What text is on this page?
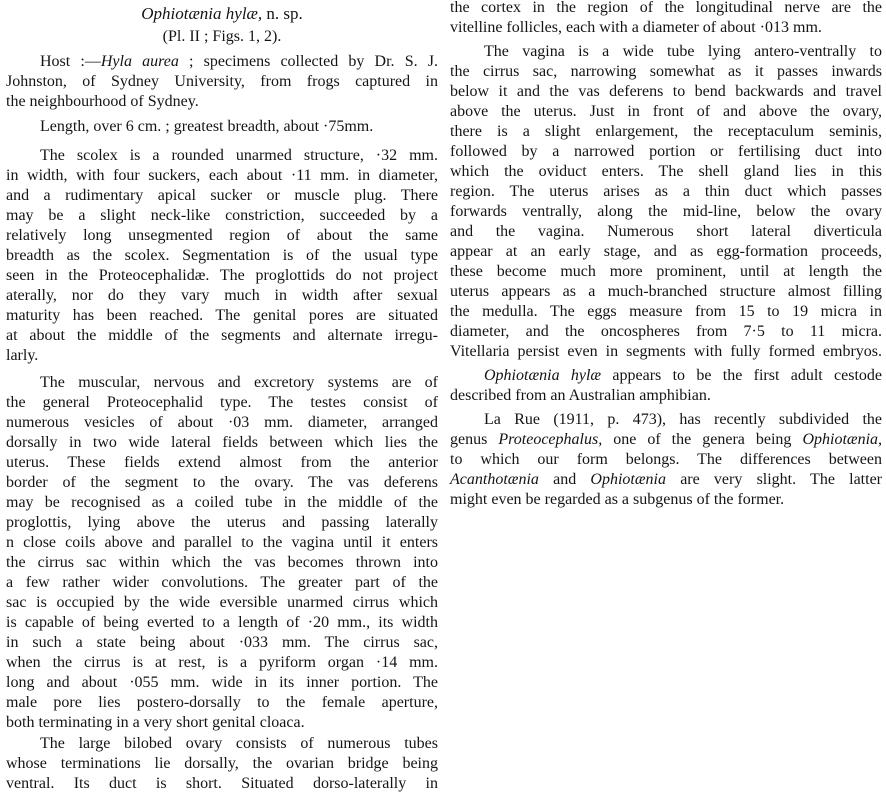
Ophiotænia hylæ, n. sp.
(Pl. II ; Figs. 1, 2).
Host :—Hyla aurea ; specimens collected by Dr. S. J.
Johnston, of Sydney University, from frogs captured in
the neighbourhood of Sydney.
Length, over 6 cm. ; greatest breadth, about ·75mm.
The scolex is a rounded unarmed structure, ·32 mm.
in width, with four suckers, each about ·11 mm. in diameter,
and a rudimentary apical sucker or muscle plug. There
may be a slight neck-like constriction, succeeded by a
relatively long unsegmented region of about the same
breadth as the scolex. Segmentation is of the usual type
seen in the Proteocephalidæ. The proglottids do not project
aterally, nor do they vary much in width after sexual
maturity has been reached. The genital pores are situated
at about the middle of the segments and alternate irregu-
larly.
The muscular, nervous and excretory systems are of
the general Proteocephalid type. The testes consist of
numerous vesicles of about ·03 mm. diameter, arranged
dorsally in two wide lateral fields between which lies the
uterus. These fields extend almost from the anterior
border of the segment to the ovary. The vas deferens
may be recognised as a coiled tube in the middle of the
proglottis, lying above the uterus and passing laterally
n close coils above and parallel to the vagina until it enters
the cirrus sac within which the vas becomes thrown into
a few rather wider convolutions. The greater part of the
sac is occupied by the wide eversible unarmed cirrus which
is capable of being everted to a length of ·20 mm., its width
in such a state being about ·033 mm. The cirrus sac,
when the cirrus is at rest, is a pyriform organ ·14 mm.
long and about ·055 mm. wide in its inner portion. The
male pore lies postero-dorsally to the female aperture,
both terminating in a very short genital cloaca.
The large bilobed ovary consists of numerous tubes
whose terminations lie dorsally, the ovarian bridge being
ventral. Its duct is short. Situated dorso-laterally in
the cortex in the region of the longitudinal nerve are the
vitelline follicles, each with a diameter of about ·013 mm.
The vagina is a wide tube lying antero-ventrally to
the cirrus sac, narrowing somewhat as it passes inwards
below it and the vas deferens to bend backwards and travel
above the uterus. Just in front of and above the ovary,
there is a slight enlargement, the receptaculum seminis,
followed by a narrowed portion or fertilising duct into
which the oviduct enters. The shell gland lies in this
region. The uterus arises as a thin duct which passes
forwards ventrally, along the mid-line, below the ovary
and the vagina. Numerous short lateral diverticula
appear at an early stage, and as egg-formation proceeds,
these become much more prominent, until at length the
uterus appears as a much-branched structure almost filling
the medulla. The eggs measure from 15 to 19 micra in
diameter, and the oncospheres from 7·5 to 11 micra.
Vitellaria persist even in segments with fully formed embryos.
Ophiotænia hylæ appears to be the first adult cestode
described from an Australian amphibian.
La Rue (1911, p. 473), has recently subdivided the
genus Proteocephalus, one of the genera being Ophiotænia,
to which our form belongs. The differences between
Acanthotænia and Ophiotænia are very slight. The latter
might even be regarded as a subgenus of the former.
